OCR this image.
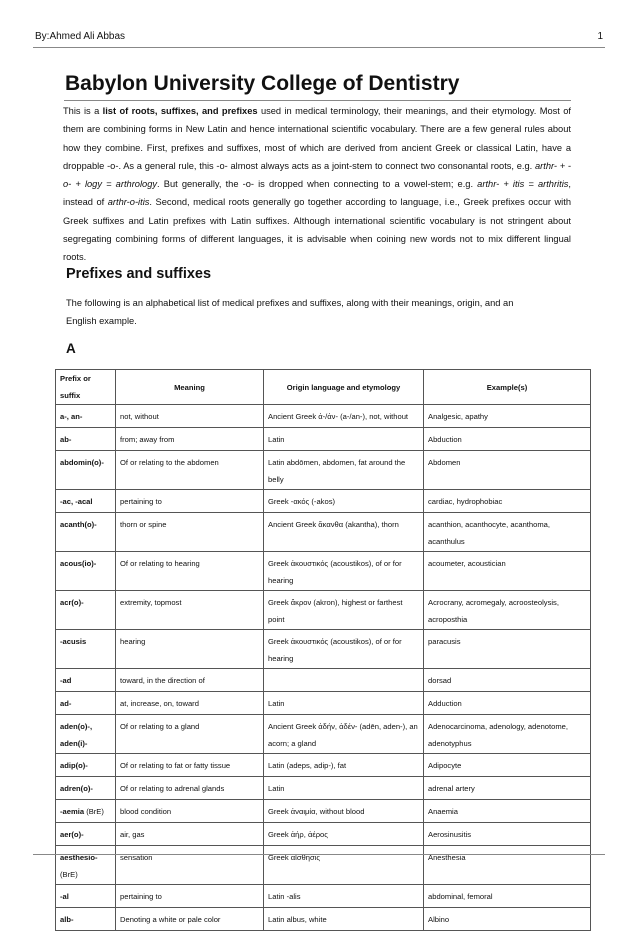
By:Ahmed Ali Abbas	1
Babylon University College of Dentistry

This is a list of roots, suffixes, and prefixes used in medical terminology, their meanings, and their etymology. Most of them are combining forms in New Latin and hence international scientific vocabulary. There are a few general rules about how they combine. First, prefixes and suffixes, most of which are derived from ancient Greek or classical Latin, have a droppable -o-. As a general rule, this -o- almost always acts as a joint-stem to connect two consonantal roots, e.g. arthr- + -o- + logy = arthrology. But generally, the -o- is dropped when connecting to a vowel-stem; e.g. arthr- + itis = arthritis, instead of arthr-o-itis. Second, medical roots generally go together according to language, i.e., Greek prefixes occur with Greek suffixes and Latin prefixes with Latin suffixes. Although international scientific vocabulary is not stringent about segregating combining forms of different languages, it is advisable when coining new words not to mix different lingual roots.

Prefixes and suffixes

The following is an alphabetical list of medical prefixes and suffixes, along with their meanings, origin, and an English example.

A
Prefix or suffix	Meaning	Origin language and etymology	Example(s)
a-, an-	not, without	Ancient Greek ἀ-/ἀν- (a-/an-), not, without	Analgesic, apathy
ab-	from; away from	Latin	Abduction
abdomin(o)-	Of or relating to the abdomen	Latin abdōmen, abdomen, fat around the belly	Abdomen
-ac, -acal	pertaining to	Greek -ακός (-akos)	cardiac, hydrophobiac
acanth(o)-	thorn or spine	Ancient Greek ἄκανθα (akantha), thorn	acanthion, acanthocyte, acanthoma, acanthulus
acous(io)-	Of or relating to hearing	Greek ἀκουστικός (acoustikos), of or for hearing	acoumeter, acoustician
acr(o)-	extremity, topmost	Greek ἄκρον (akron), highest or farthest point	Acrocrany, acromegaly, acroosteolysis, acroposthia
-acusis	hearing	Greek ἀκουστικός (acoustikos), of or for hearing	paracusis
-ad	toward, in the direction of		dorsad
ad-	at, increase, on, toward	Latin	Adduction
aden(o)-, aden(i)-	Of or relating to a gland	Ancient Greek ἀδήν, ἀδέν- (adēn, aden-), an acorn; a gland	Adenocarcinoma, adenology, adenotome, adenotyphus
adip(o)-	Of or relating to fat or fatty tissue	Latin (adeps, adip-), fat	Adipocyte
adren(o)-	Of or relating to adrenal glands	Latin	adrenal artery
-aemia (BrE)	blood condition	Greek ἀναιμία, without blood	Anaemia
aer(o)-	air, gas	Greek ἀήρ, ἀέρος	Aerosinusitis
aesthesio- (BrE)	sensation	Greek αἴσθησις	Anesthesia
-al	pertaining to	Latin -alis	abdominal, femoral
alb-	Denoting a white or pale color	Latin albus, white	Albino
